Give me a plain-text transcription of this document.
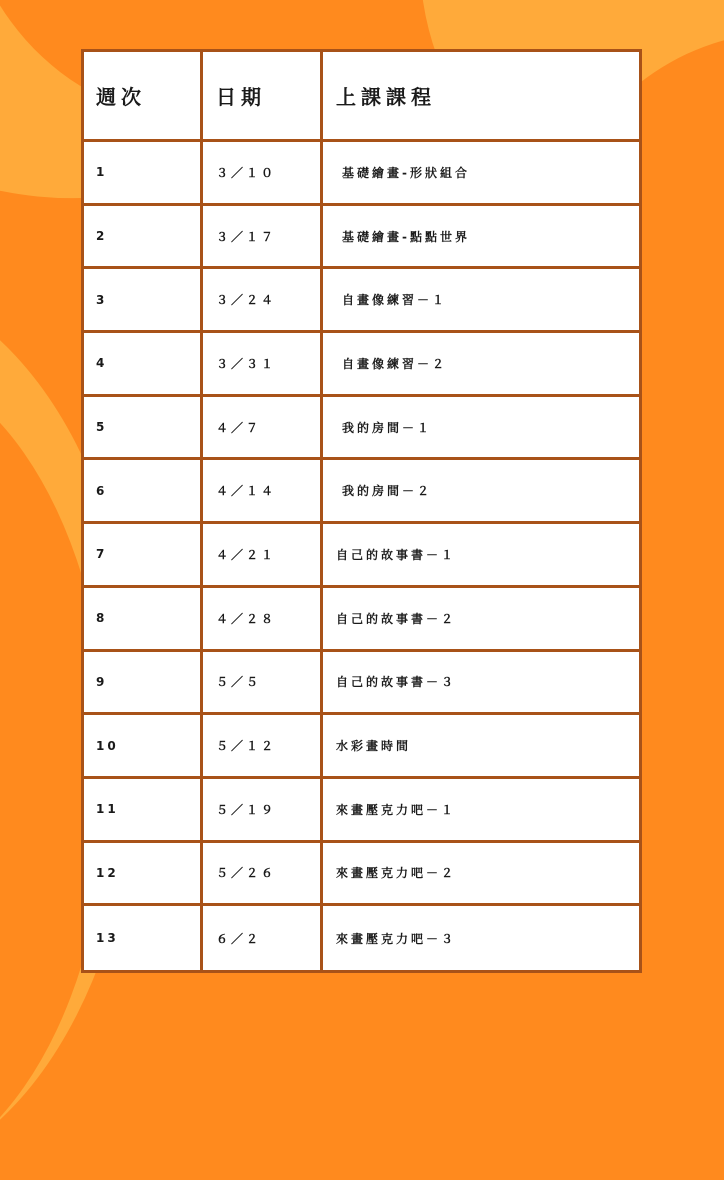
週次	日期	上課課程
1	３／１０	基礎繪畫-形狀組合
2	３／１７	基礎繪畫-點點世界
3	３／２４	自畫像練習－１
4	３／３１	自畫像練習－２
5	４／７	我的房間－１
6	４／１４	我的房間－２
7	４／２１	自己的故事書－１
8	４／２８	自己的故事書－２
9	５／５	自己的故事書－３
10	５／１２	水彩畫時間
11	５／１９	來畫壓克力吧－１
12	５／２６	來畫壓克力吧－２
13	６／２	來畫壓克力吧－３
